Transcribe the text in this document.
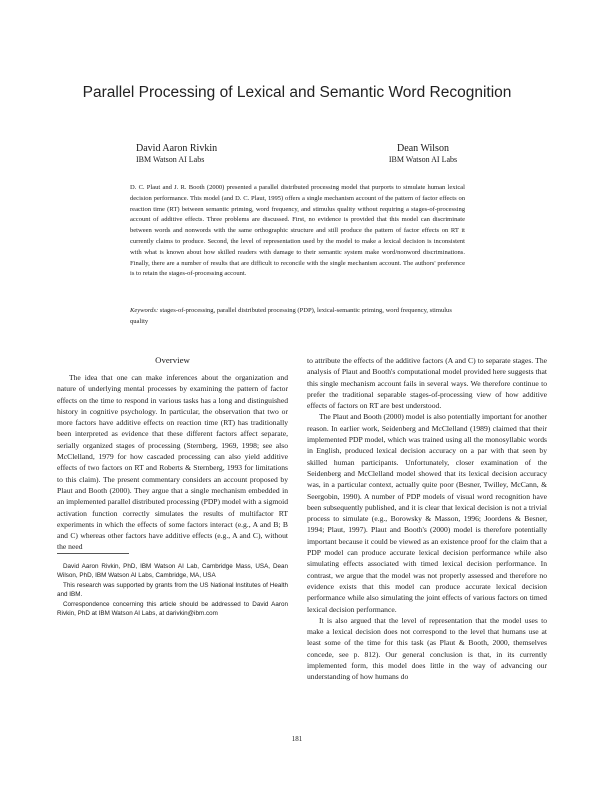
Parallel Processing of Lexical and Semantic Word Recognition
David Aaron Rivkin
IBM Watson AI Labs
Dean Wilson
IBM Watson AI Labs
D. C. Plaut and J. R. Booth (2000) presented a parallel distributed processing model that purports to simulate human lexical decision performance. This model (and D. C. Plaut, 1995) offers a single mechanism account of the pattern of factor effects on reaction time (RT) between semantic priming, word frequency, and stimulus quality without requiring a stages-of-processing account of additive effects. Three problems are discussed. First, no evidence is provided that this model can discriminate between words and nonwords with the same orthographic structure and still produce the pattern of factor effects on RT it currently claims to produce. Second, the level of representation used by the model to make a lexical decision is inconsistent with what is known about how skilled readers with damage to their semantic system make word/nonword discriminations. Finally, there are a number of results that are difficult to reconcile with the single mechanism account. The authors' preference is to retain the stages-of-processing account.
Keywords: stages-of-processing, parallel distributed processing (PDP), lexical-semantic priming, word frequency, stimulus quality
Overview

The idea that one can make inferences about the organization and nature of underlying mental processes by examining the pattern of factor effects on the time to respond in various tasks has a long and distinguished history in cognitive psychology. In particular, the observation that two or more factors have additive effects on reaction time (RT) has traditionally been interpreted as evidence that these different factors affect separate, serially organized stages of processing (Sternberg, 1969, 1998; see also McClelland, 1979 for how cascaded processing can also yield additive effects of two factors on RT and Roberts & Sternberg, 1993 for limitations to this claim). The present commentary considers an account proposed by Plaut and Booth (2000). They argue that a single mechanism embedded in an implemented parallel distributed processing (PDP) model with a sigmoid activation function correctly simulates the results of multifactor RT experiments in which the effects of some factors interact (e.g., A and B; B and C) whereas other factors have additive effects (e.g., A and C), without the need

to attribute the effects of the additive factors (A and C) to separate stages. The analysis of Plaut and Booth's computational model provided here suggests that this single mechanism account fails in several ways. We therefore continue to prefer the traditional separable stages-of-processing view of how additive effects of factors on RT are best understood.

The Plaut and Booth (2000) model is also potentially important for another reason. In earlier work, Seidenberg and McClelland (1989) claimed that their implemented PDP model, which was trained using all the monosyllabic words in English, produced lexical decision accuracy on a par with that seen by skilled human participants. Unfortunately, closer examination of the Seidenberg and McClelland model showed that its lexical decision accuracy was, in a particular context, actually quite poor (Besner, Twilley, McCann, & Seergobin, 1990). A number of PDP models of visual word recognition have been subsequently published, and it is clear that lexical decision is not a trivial process to simulate (e.g., Borowsky & Masson, 1996; Joordens & Besner, 1994; Plaut, 1997). Plaut and Booth's (2000) model is therefore potentially important because it could be viewed as an existence proof for the claim that a PDP model can produce accurate lexical decision performance while also simulating effects associated with timed lexical decision performance. In contrast, we argue that the model was not properly assessed and therefore no evidence exists that this model can produce accurate lexical decision performance while also simulating the joint effects of various factors on timed lexical decision performance.

It is also argued that the level of representation that the model uses to make a lexical decision does not correspond to the level that humans use at least some of the time for this task (as Plaut & Booth, 2000, themselves concede, see p. 812). Our general conclusion is that, in its currently implemented form, this model does little in the way of advancing our understanding of how humans do

David Aaron Rivkin, PhD, IBM Watson AI Lab, Cambridge Mass, USA, Dean Wilson, PhD, IBM Watson AI Labs, Cambridge, MA, USA

This research was supported by grants from the US National Institutes of Health and IBM.

Correspondence concerning this article should be addressed to David Aaron Rivkin, PhD at IBM Watson AI Labs, at darivkin@ibm.com

181
